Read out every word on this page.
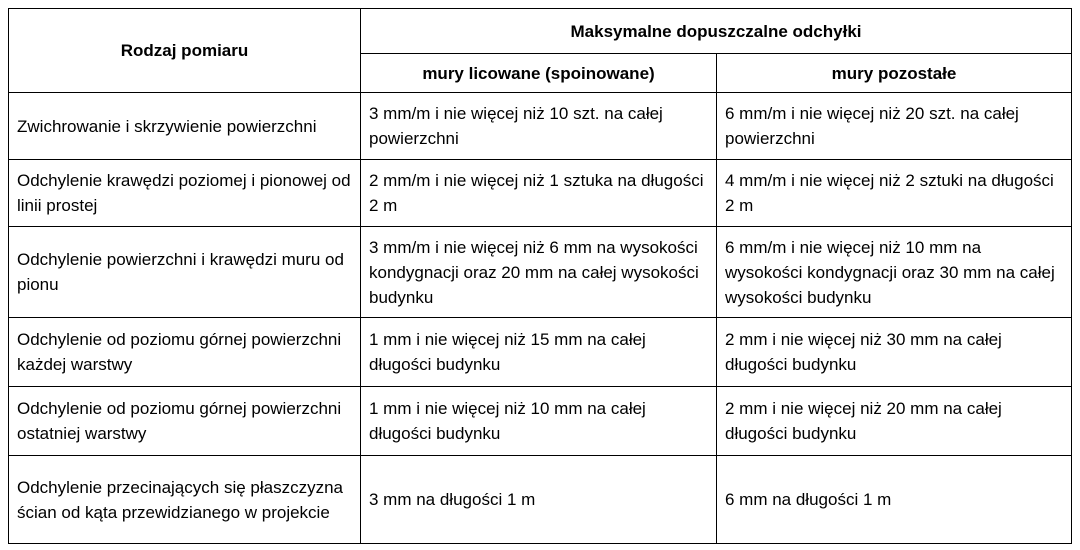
Rodzaj pomiaru	Maksymalne dopuszczalne odchyłki	
	mury licowane (spoinowane)	mury pozostałe
Zwichrowanie i skrzywienie powierzchni	3 mm/m i nie więcej niż 10 szt. na całej powierzchni	6 mm/m i nie więcej niż 20 szt. na całej powierzchni
Odchylenie krawędzi poziomej i pionowej od linii prostej	2 mm/m i nie więcej niż 1 sztuka na długości 2 m	4 mm/m i nie więcej niż 2 sztuki na długości 2 m
Odchylenie powierzchni i krawędzi muru od pionu	3 mm/m i nie więcej niż 6 mm na wysokości kondygnacji oraz 20 mm na całej wysokości budynku	6 mm/m i nie więcej niż 10 mm na wysokości kondygnacji oraz 30 mm na całej wysokości budynku
Odchylenie od poziomu górnej powierzchni każdej warstwy	1 mm i nie więcej niż 15 mm na całej długości budynku	2 mm i nie więcej niż 30 mm na całej długości budynku
Odchylenie od poziomu górnej powierzchni ostatniej warstwy	1 mm i nie więcej niż 10 mm na całej długości budynku	2 mm i nie więcej niż 20 mm na całej długości budynku
Odchylenie przecinających się płaszczyzna ścian od kąta przewidzianego w projekcie	3 mm na długości 1 m	6 mm na długości 1 m
